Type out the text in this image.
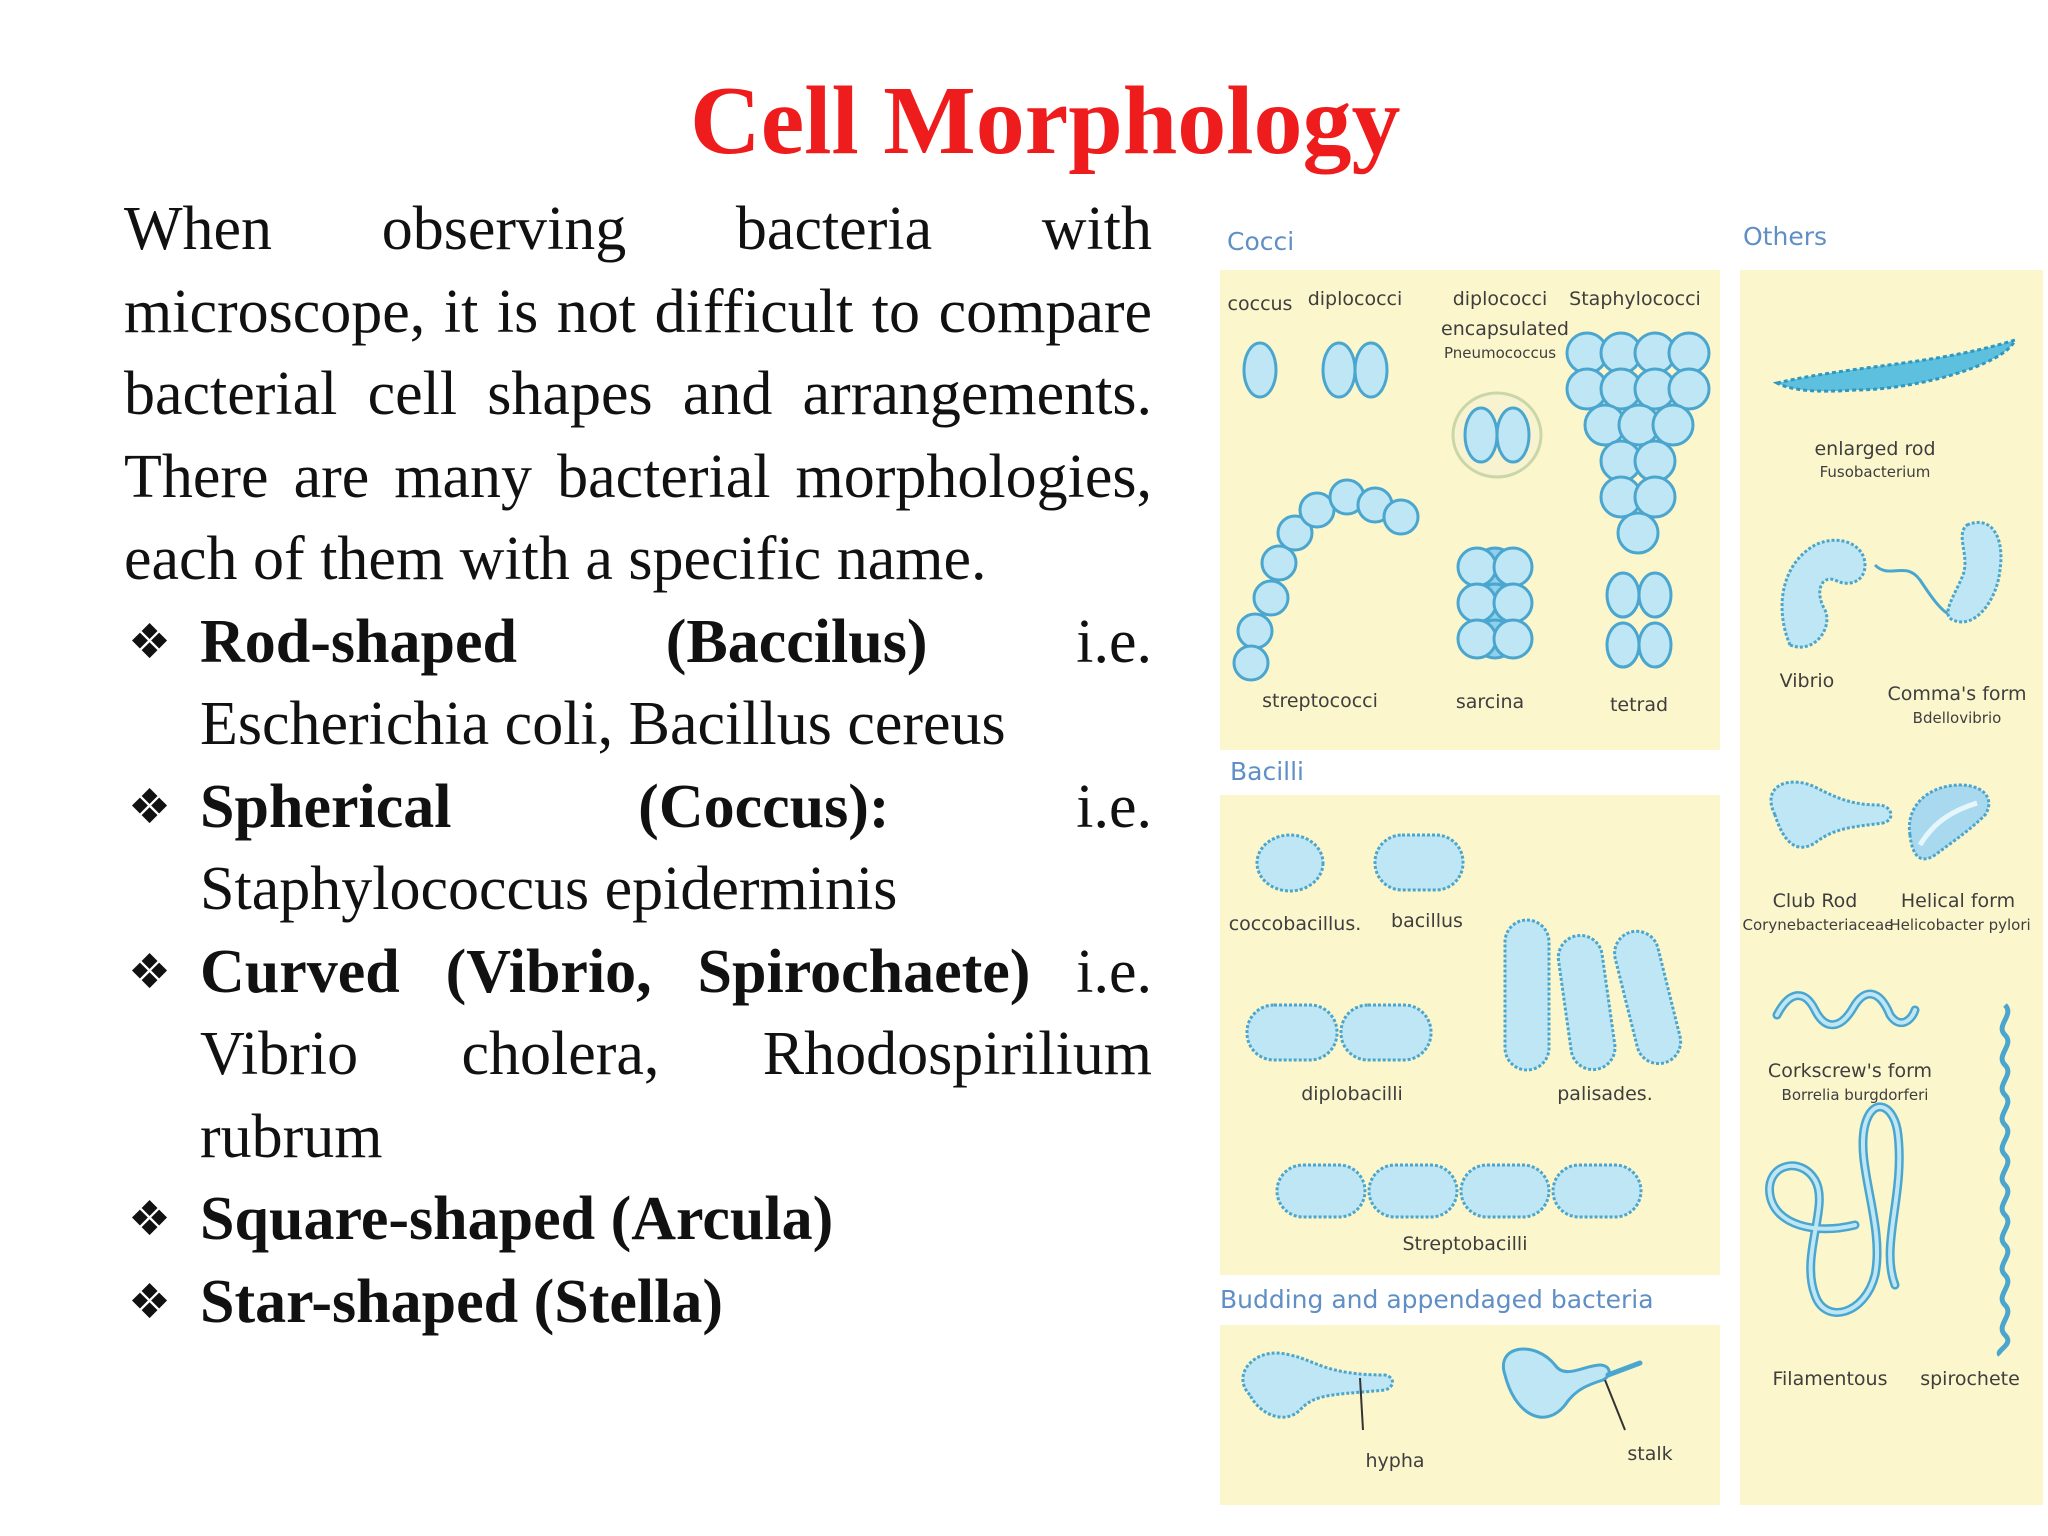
Cell Morphology

When observing bacteria with microscope, it is not difficult to compare bacterial cell shapes and arrangements. There are many bacterial morphologies, each of them with a specific name.

❖ Rod-shaped (Baccilus) i.e. Escherichia coli, Bacillus cereus
❖ Spherical (Coccus): i.e. Staphylococcus epiderminis
❖ Curved (Vibrio, Spirochaete) i.e. Vibrio cholera, Rhodospirilium rubrum
❖ Square-shaped (Arcula)
❖ Star-shaped (Stella)
Cocci	Others
Bacilli
Budding and appendaged bacteria
coccus diplococci	diplococci
encapsulated
Pneumococcus
Staphylococci
streptococci	sarcina	tetrad
coccobacillus. bacillus
diplobacilli	palisades.
Streptobacilli
hypha	stalk
enlarged rod
Fusobacterium
Vibrio
Comma's form
Bdellovibrio
Club Rod
Corynebacteriaceae
Helical form
Helicobacter pylori
Corkscrew's form
Borrelia burgdorferi
Filamentous spirochete
